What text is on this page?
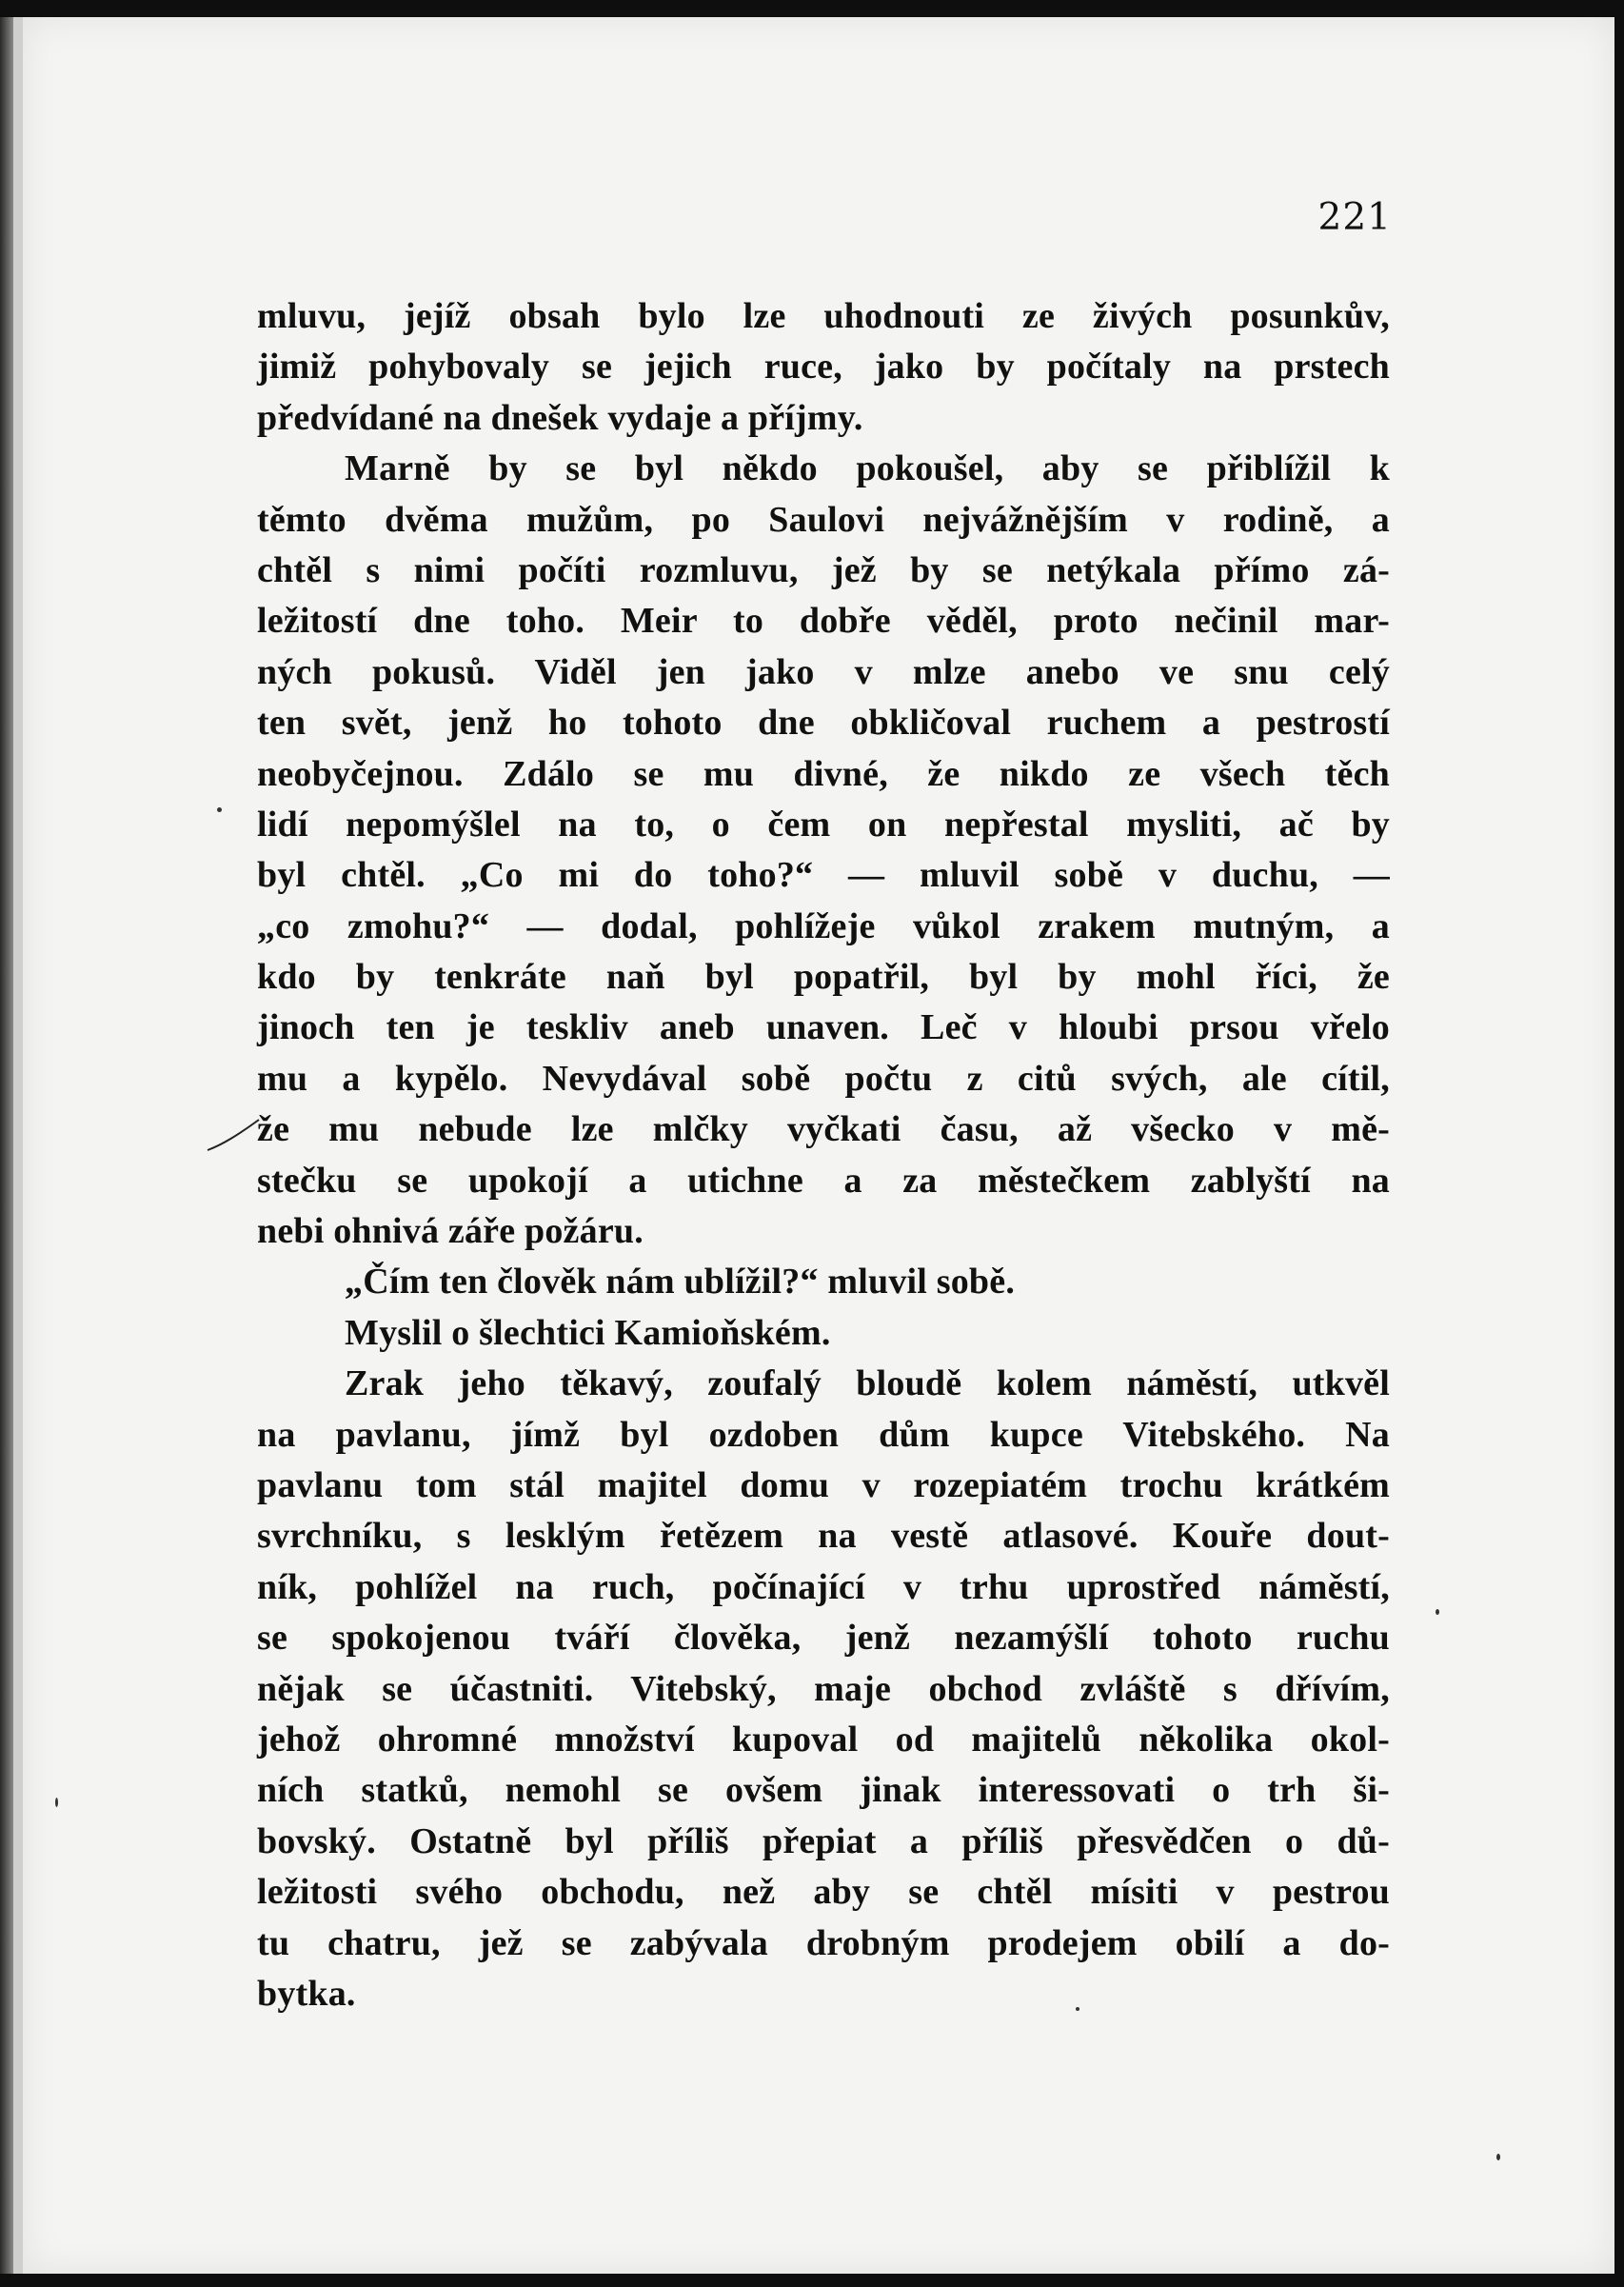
221
mluvu, jejíž obsah bylo lze uhodnouti ze živých posunkův,
jimiž pohybovaly se jejich ruce, jako by počítaly na prstech
předvídané na dnešek vydaje a příjmy.
Marně by se byl někdo pokoušel, aby se přiblížil k
těmto dvěma mužům, po Saulovi nejvážnějším v rodině, a
chtěl s nimi počíti rozmluvu, jež by se netýkala přímo zá-
ležitostí dne toho. Meir to dobře věděl, proto nečinil mar-
ných pokusů. Viděl jen jako v mlze anebo ve snu celý
ten svět, jenž ho tohoto dne obkličoval ruchem a pestrostí
neobyčejnou. Zdálo se mu divné, že nikdo ze všech těch
lidí nepomýšlel na to, o čem on nepřestal mysliti, ač by
byl chtěl. „Co mi do toho?“ — mluvil sobě v duchu, —
„co zmohu?“ — dodal, pohlížeje vůkol zrakem mutným, a
kdo by tenkráte naň byl popatřil, byl by mohl říci, že
jinoch ten je teskliv aneb unaven. Leč v hloubi prsou vřelo
mu a kypělo. Nevydával sobě počtu z citů svých, ale cítil,
že mu nebude lze mlčky vyčkati času, až všecko v mě-
stečku se upokojí a utichne a za městečkem zablyští na
nebi ohnivá záře požáru.
„Čím ten člověk nám ublížil?“ mluvil sobě.
Myslil o šlechtici Kamioňském.
Zrak jeho těkavý, zoufalý bloudě kolem náměstí, utkvěl
na pavlanu, jímž byl ozdoben dům kupce Vitebského. Na
pavlanu tom stál majitel domu v rozepiatém trochu krátkém
svrchníku, s lesklým řetězem na vestě atlasové. Kouře dout-
ník, pohlížel na ruch, počínající v trhu uprostřed náměstí,
se spokojenou tváří člověka, jenž nezamýšlí tohoto ruchu
nějak se účastniti. Vitebský, maje obchod zvláště s dřívím,
jehož ohromné množství kupoval od majitelů několika okol-
ních statků, nemohl se ovšem jinak interessovati o trh ši-
bovský. Ostatně byl příliš přepiat a příliš přesvědčen o dů-
ležitosti svého obchodu, než aby se chtěl mísiti v pestrou
tu chatru, jež se zabývala drobným prodejem obilí a do-
bytka.
